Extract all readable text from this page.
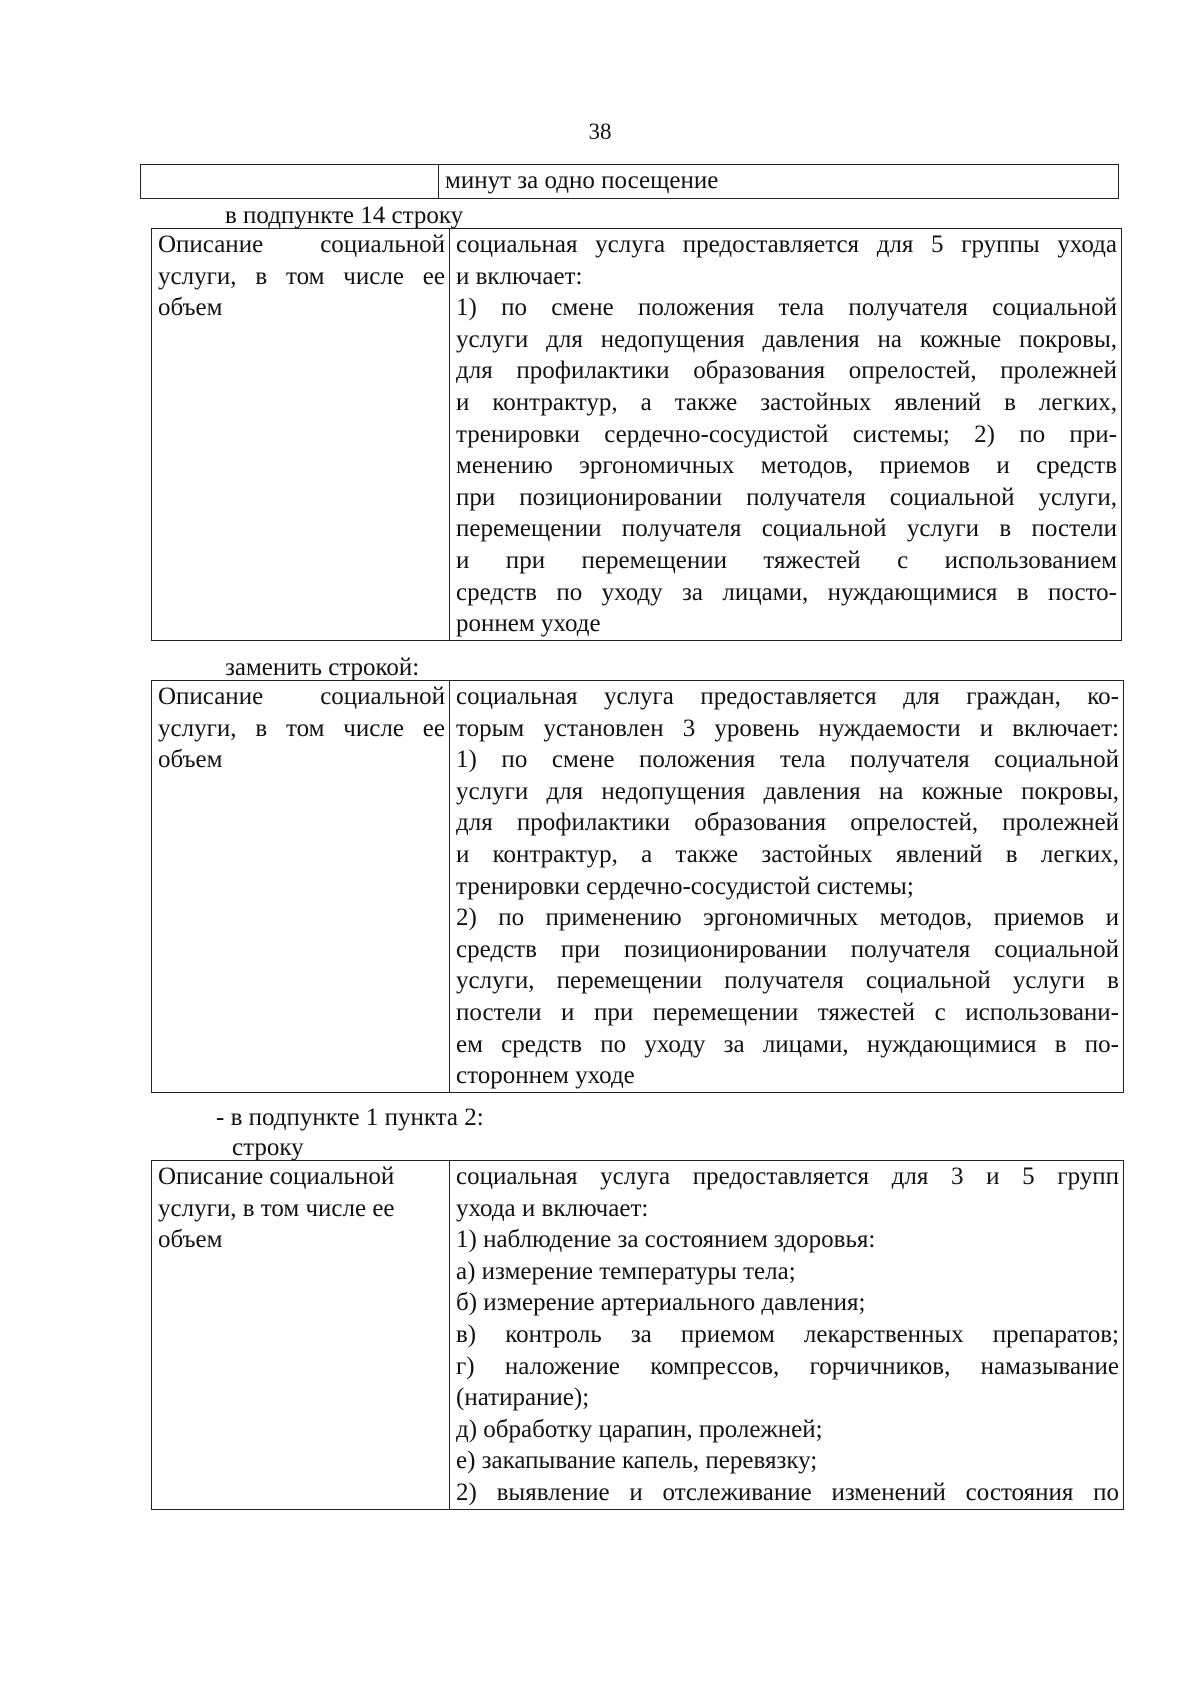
38
	минут за одно посещение
в подпункте 14 строку
Описание социальной
услуги, в том числе ее
объем

социальная услуга предоставляется для 5 группы ухода
и включает:
1) по смене положения тела получателя социальной
услуги для недопущения давления на кожные покровы,
для профилактики образования опрелостей, пролежней
и контрактур, а также застойных явлений в легких,
тренировки сердечно-сосудистой системы; 2) по при-
менению эргономичных методов, приемов и средств
при позиционировании получателя социальной услуги,
перемещении получателя социальной услуги в постели
и при перемещении тяжестей с использованием
средств по уходу за лицами, нуждающимися в посто-
роннем уходе
заменить строкой:
Описание социальной
услуги, в том числе ее
объем

социальная услуга предоставляется для граждан, ко-
торым установлен 3 уровень нуждаемости и включает:
1) по смене положения тела получателя социальной
услуги для недопущения давления на кожные покровы,
для профилактики образования опрелостей, пролежней
и контрактур, а также застойных явлений в легких,
тренировки сердечно-сосудистой системы;
2) по применению эргономичных методов, приемов и
средств при позиционировании получателя социальной
услуги, перемещении получателя социальной услуги в
постели и при перемещении тяжестей с использовани-
ем средств по уходу за лицами, нуждающимися в по-
стороннем уходе
- в подпункте 1 пункта 2:
строку
Описание социальной
услуги, в том числе ее
объем

социальная услуга предоставляется для 3 и 5 групп
ухода и включает:
1) наблюдение за состоянием здоровья:
а) измерение температуры тела;
б) измерение артериального давления;
в) контроль за приемом лекарственных препаратов;
г) наложение компрессов, горчичников, намазывание
(натирание);
д) обработку царапин, пролежней;
е) закапывание капель, перевязку;
2) выявление и отслеживание изменений состояния по
